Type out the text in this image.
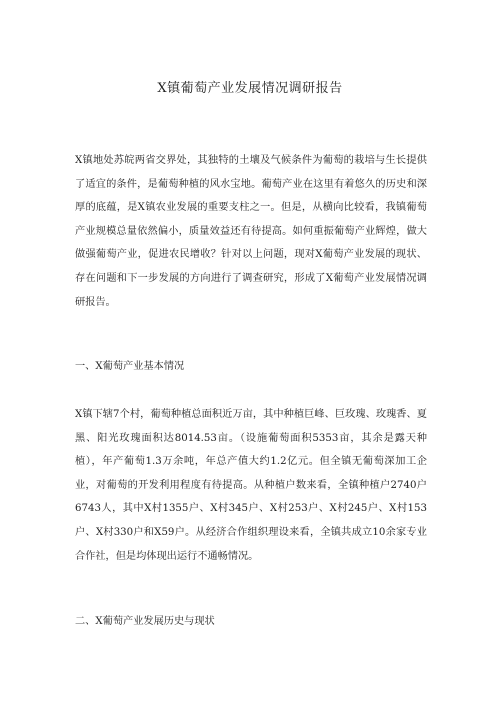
X镇葡萄产业发展情况调研报告

X镇地处苏皖两省交界处，其独特的土壤及气候条件为葡萄的栽培与生长提供了适宜的条件，是葡萄种植的风水宝地。葡萄产业在这里有着悠久的历史和深厚的底蕴，是X镇农业发展的重要支柱之一。但是，从横向比较看，我镇葡萄产业规模总量依然偏小，质量效益还有待提高。如何重振葡萄产业辉煌，做大做强葡萄产业，促进农民增收？针对以上问题，现对X葡萄产业发展的现状、存在问题和下一步发展的方向进行了调查研究，形成了X葡萄产业发展情况调研报告。

一、X葡萄产业基本情况

X镇下辖7个村，葡萄种植总面积近万亩，其中种植巨峰、巨玫瑰、玫瑰香、夏黑、阳光玫瑰面积达8014.53亩。（设施葡萄面积5353亩，其余是露天种植），年产葡萄1.3万余吨，年总产值大约1.2亿元。但全镇无葡萄深加工企业，对葡萄的开发利用程度有待提高。从种植户数来看，全镇种植户2740户6743人，其中X村1355户、X村345户、X村253户、X村245户、X村153户、X村330户和X59户。从经济合作组织理设来看，全镇共成立10余家专业合作社，但是均体现出运行不通畅情况。

二、X葡萄产业发展历史与现状
